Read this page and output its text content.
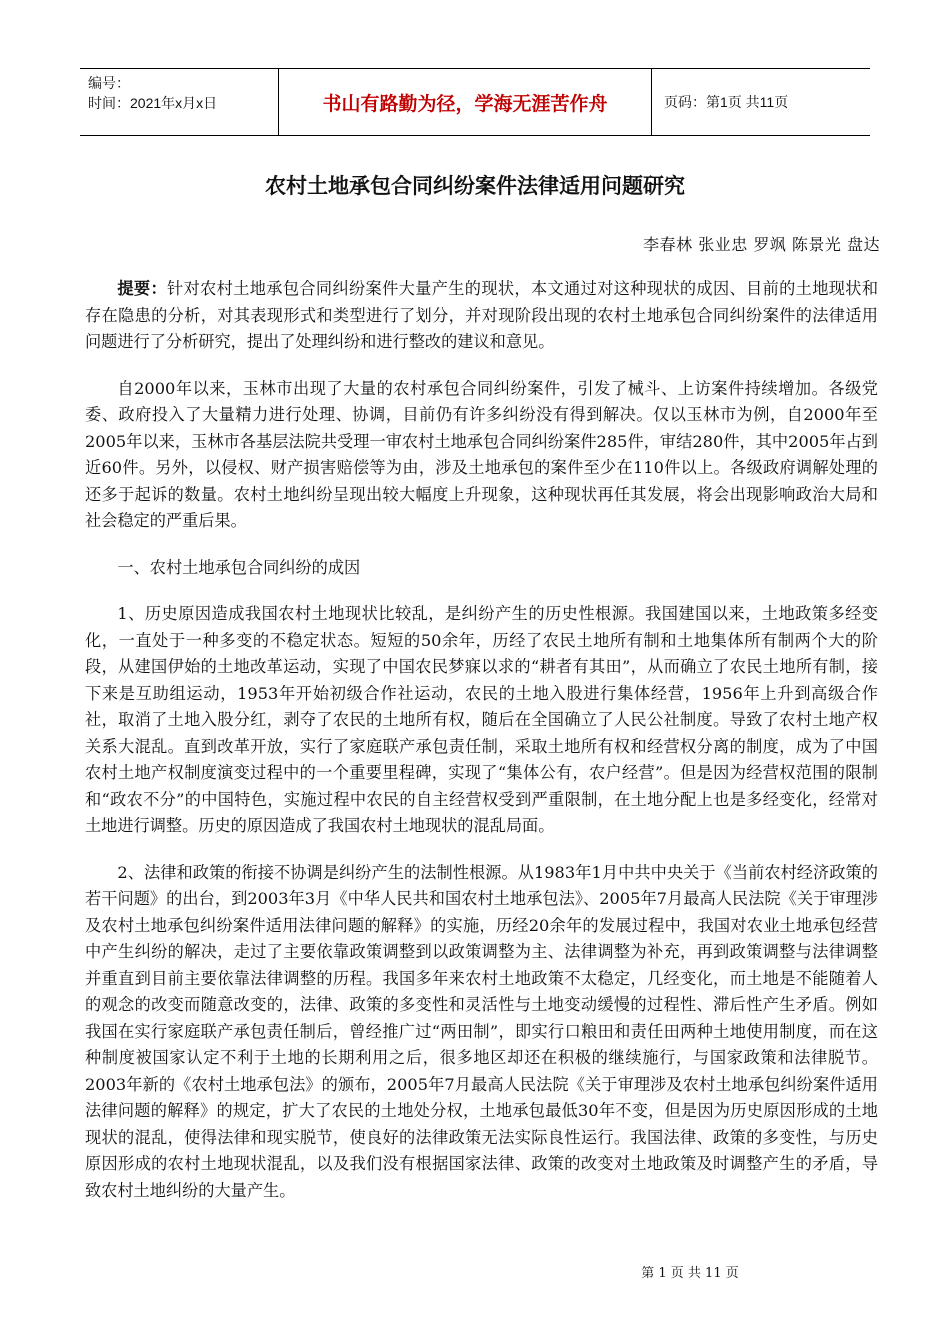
编号：
时间：2021年x月x日	书山有路勤为径，学海无涯苦作舟	页码：第1页 共11页
农村土地承包合同纠纷案件法律适用问题研究
李春林 张业忠 罗飒 陈景光 盘达

提要：针对农村土地承包合同纠纷案件大量产生的现状，本文通过对这种现状的成因、目前的土地现状和存在隐患的分析，对其表现形式和类型进行了划分，并对现阶段出现的农村土地承包合同纠纷案件的法律适用问题进行了分析研究，提出了处理纠纷和进行整改的建议和意见。

自2000年以来，玉林市出现了大量的农村承包合同纠纷案件，引发了械斗、上访案件持续增加。各级党委、政府投入了大量精力进行处理、协调，目前仍有许多纠纷没有得到解决。仅以玉林市为例，自2000年至2005年以来，玉林市各基层法院共受理一审农村土地承包合同纠纷案件285件，审结280件，其中2005年占到近60件。另外，以侵权、财产损害赔偿等为由，涉及土地承包的案件至少在110件以上。各级政府调解处理的还多于起诉的数量。农村土地纠纷呈现出较大幅度上升现象，这种现状再任其发展，将会出现影响政治大局和社会稳定的严重后果。

一、农村土地承包合同纠纷的成因

1、历史原因造成我国农村土地现状比较乱，是纠纷产生的历史性根源。我国建国以来，土地政策多经变化，一直处于一种多变的不稳定状态。短短的50余年，历经了农民土地所有制和土地集体所有制两个大的阶段，从建国伊始的土地改革运动，实现了中国农民梦寐以求的“耕者有其田”，从而确立了农民土地所有制，接下来是互助组运动，1953年开始初级合作社运动，农民的土地入股进行集体经营，1956年上升到高级合作社，取消了土地入股分红，剥夺了农民的土地所有权，随后在全国确立了人民公社制度。导致了农村土地产权关系大混乱。直到改革开放，实行了家庭联产承包责任制，采取土地所有权和经营权分离的制度，成为了中国农村土地产权制度演变过程中的一个重要里程碑，实现了“集体公有，农户经营”。但是因为经营权范围的限制和“政农不分”的中国特色，实施过程中农民的自主经营权受到严重限制，在土地分配上也是多经变化，经常对土地进行调整。历史的原因造成了我国农村土地现状的混乱局面。

2、法律和政策的衔接不协调是纠纷产生的法制性根源。从1983年1月中共中央关于《当前农村经济政策的若干问题》的出台，到2003年3月《中华人民共和国农村土地承包法》、2005年7月最高人民法院《关于审理涉及农村土地承包纠纷案件适用法律问题的解释》的实施，历经20余年的发展过程中，我国对农业土地承包经营中产生纠纷的解决，走过了主要依靠政策调整到以政策调整为主、法律调整为补充，再到政策调整与法律调整并重直到目前主要依靠法律调整的历程。我国多年来农村土地政策不太稳定，几经变化，而土地是不能随着人的观念的改变而随意改变的，法律、政策的多变性和灵活性与土地变动缓慢的过程性、滞后性产生矛盾。例如我国在实行家庭联产承包责任制后，曾经推广过“两田制”，即实行口粮田和责任田两种土地使用制度，而在这种制度被国家认定不利于土地的长期利用之后，很多地区却还在积极的继续施行，与国家政策和法律脱节。2003年新的《农村土地承包法》的颁布，2005年7月最高人民法院《关于审理涉及农村土地承包纠纷案件适用法律问题的解释》的规定，扩大了农民的土地处分权，土地承包最低30年不变，但是因为历史原因形成的土地现状的混乱，使得法律和现实脱节，使良好的法律政策无法实际良性运行。我国法律、政策的多变性，与历史原因形成的农村土地现状混乱，以及我们没有根据国家法律、政策的改变对土地政策及时调整产生的矛盾，导致农村土地纠纷的大量产生。

第 1 页 共 11 页
